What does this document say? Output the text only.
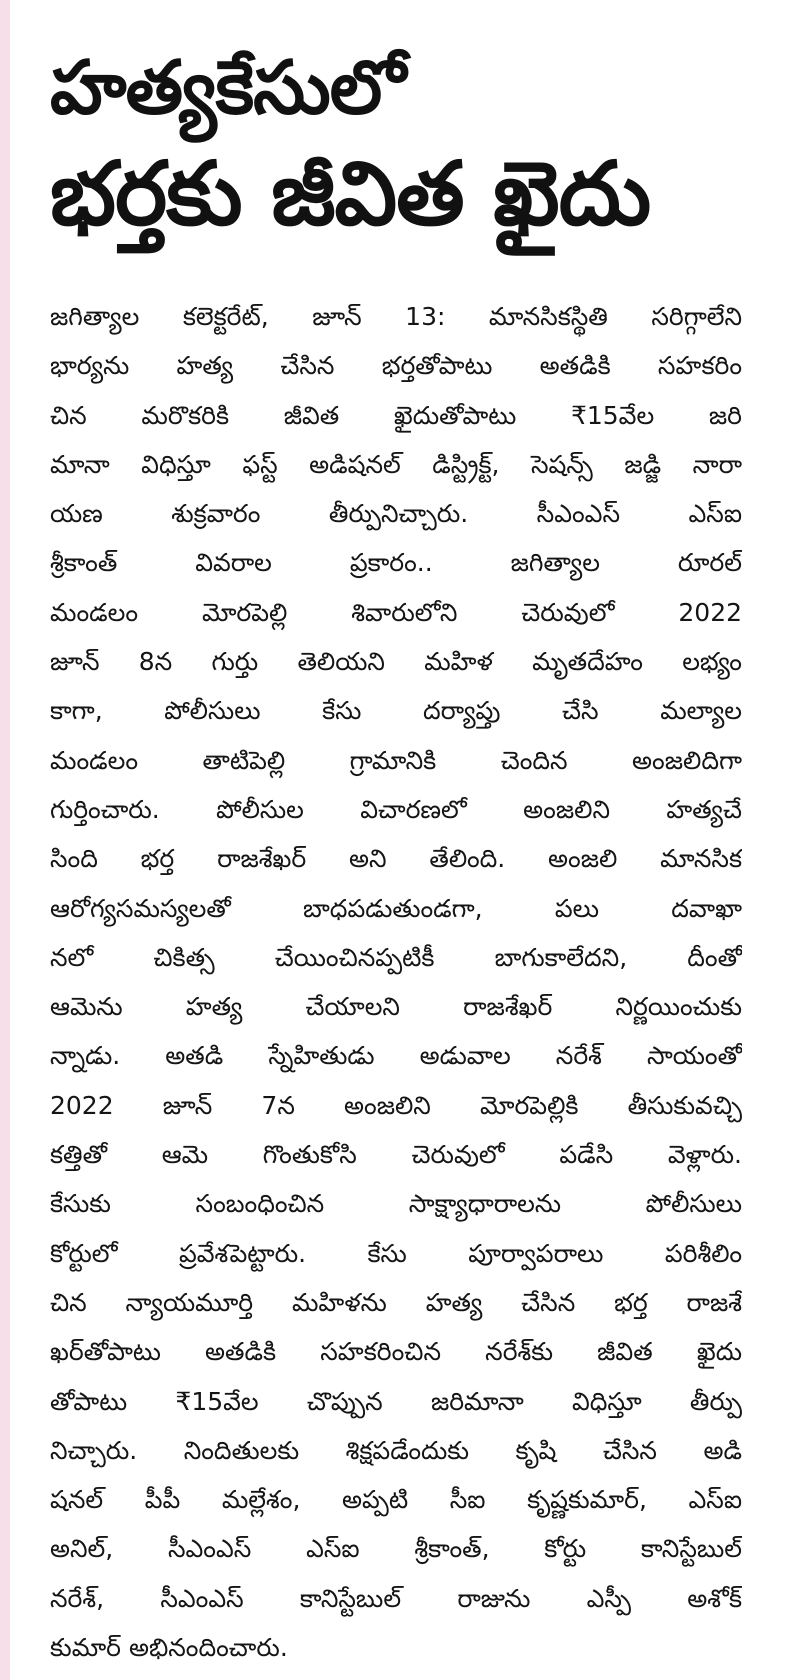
హత్యకేసులో
భర్తకు జీవిత ఖైదు
జగిత్యాల కలెక్టరేట్, జూన్ 13: మానసికస్థితి సరిగ్గాలేని
భార్యను హత్య చేసిన భర్తతోపాటు అతడికి సహకరిం
చిన మరొకరికి జీవిత ఖైదుతోపాటు ₹15వేల జరి
మానా విధిస్తూ ఫస్ట్ అడిషనల్ డిస్ట్రిక్ట్, సెషన్స్ జడ్జి నారా
యణ శుక్రవారం తీర్పునిచ్చారు. సీఎంఎస్ ఎస్ఐ
శ్రీకాంత్ వివరాల ప్రకారం.. జగిత్యాల రూరల్
మండలం మోరపెల్లి శివారులోని చెరువులో 2022
జూన్ 8న గుర్తు తెలియని మహిళ మృతదేహం లభ్యం
కాగా, పోలీసులు కేసు దర్యాప్తు చేసి మల్యాల
మండలం తాటిపెల్లి గ్రామానికి చెందిన అంజలిదిగా
గుర్తించారు. పోలీసుల విచారణలో అంజలిని హత్యచే
సింది భర్త రాజశేఖర్ అని తేలింది. అంజలి మానసిక
ఆరోగ్యసమస్యలతో బాధపడుతుండగా, పలు దవాఖా
నలో చికిత్స చేయించినప్పటికీ బాగుకాలేదని, దీంతో
ఆమెను హత్య చేయాలని రాజశేఖర్ నిర్ణయించుకు
న్నాడు. అతడి స్నేహితుడు అడువాల నరేశ్ సాయంతో
2022 జూన్ 7న అంజలిని మోరపెల్లికి తీసుకువచ్చి
కత్తితో ఆమె గొంతుకోసి చెరువులో పడేసి వెళ్లారు.
కేసుకు సంబంధించిన సాక్ష్యాధారాలను పోలీసులు
కోర్టులో ప్రవేశపెట్టారు. కేసు పూర్వాపరాలు పరిశీలిం
చిన న్యాయమూర్తి మహిళను హత్య చేసిన భర్త రాజశే
ఖర్‌తోపాటు అతడికి సహకరించిన నరేశ్‌కు జీవిత ఖైదు
తోపాటు ₹15వేల చొప్పున జరిమానా విధిస్తూ తీర్పు
నిచ్చారు. నిందితులకు శిక్షపడేందుకు కృషి చేసిన అడి
షనల్ పీపీ మల్లేశం, అప్పటి సీఐ కృష్ణకుమార్, ఎస్ఐ
అనిల్, సీఎంఎస్ ఎస్ఐ శ్రీకాంత్, కోర్టు కానిస్టేబుల్
నరేశ్, సీఎంఎస్ కానిస్టేబుల్ రాజును ఎస్పీ అశోక్
కుమార్ అభినందించారు.
